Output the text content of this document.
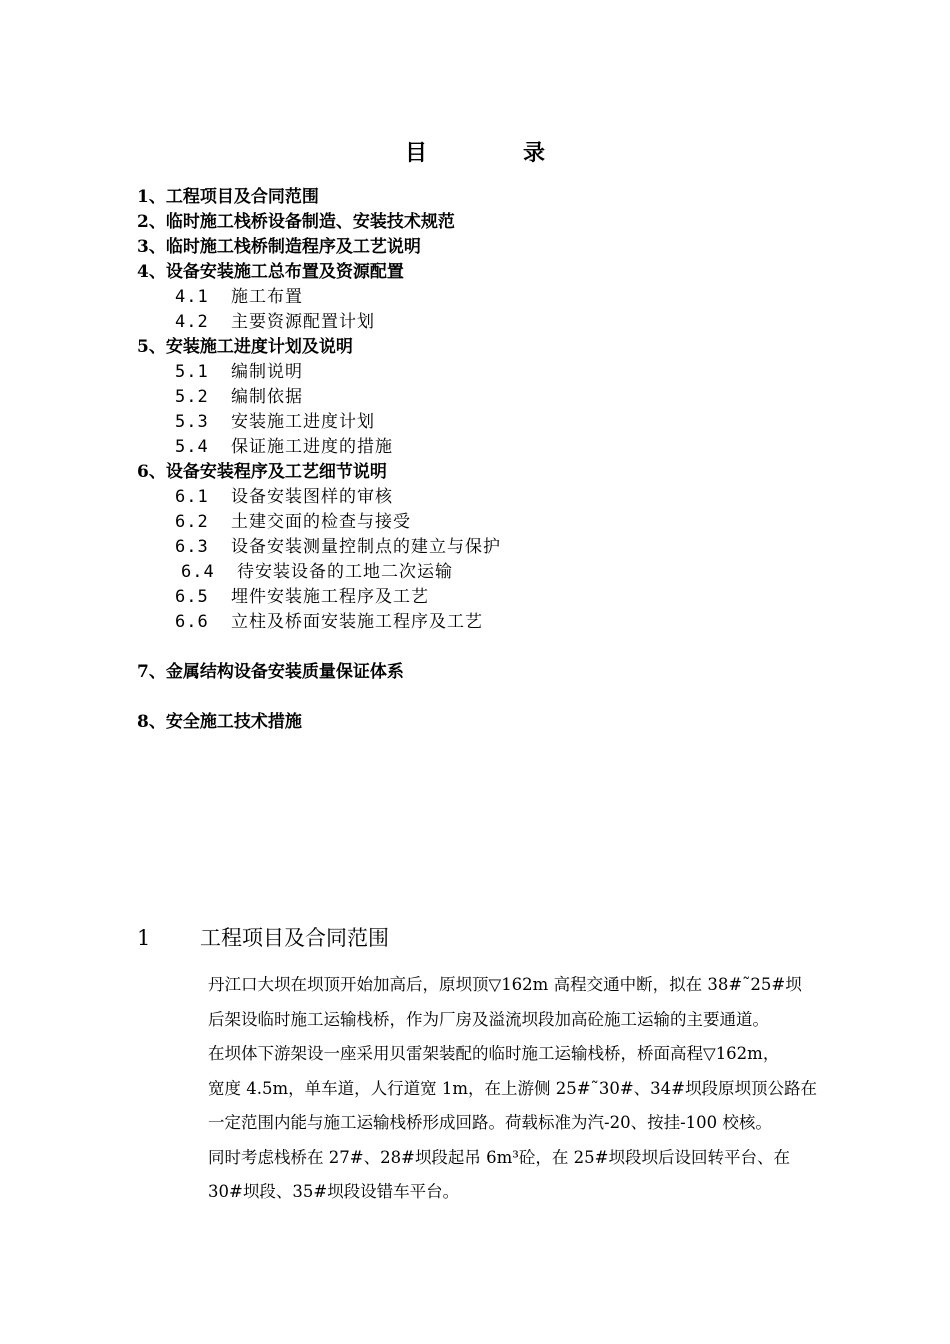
目	录
1、工程项目及合同范围
2、临时施工栈桥设备制造、安装技术规范
3、临时施工栈桥制造程序及工艺说明
4、设备安装施工总布置及资源配置
4.1 施工布置
4.2 主要资源配置计划
5、安装施工进度计划及说明
5.1 编制说明
5.2 编制依据
5.3 安装施工进度计划
5.4 保证施工进度的措施
6、设备安装程序及工艺细节说明
6.1 设备安装图样的审核
6.2 土建交面的检查与接受
6.3 设备安装测量控制点的建立与保护
6.4 待安装设备的工地二次运输
6.5 埋件安装施工程序及工艺
6.6 立柱及桥面安装施工程序及工艺
7、金属结构设备安装质量保证体系
8、安全施工技术措施
1 工程项目及合同范围

丹江口大坝在坝顶开始加高后，原坝顶▽162m 高程交通中断，拟在 38#˜25#坝

后架设临时施工运输栈桥，作为厂房及溢流坝段加高砼施工运输的主要通道。

在坝体下游架设一座采用贝雷架装配的临时施工运输栈桥，桥面高程▽162m，

宽度 4.5m，单车道，人行道宽 1m，在上游侧 25#˜30#、34#坝段原坝顶公路在

一定范围内能与施工运输栈桥形成回路。荷载标准为汽-20、按挂-100 校核。

同时考虑栈桥在 27#、28#坝段起吊 6m³砼，在 25#坝段坝后设回转平台、在

30#坝段、35#坝段设错车平台。
